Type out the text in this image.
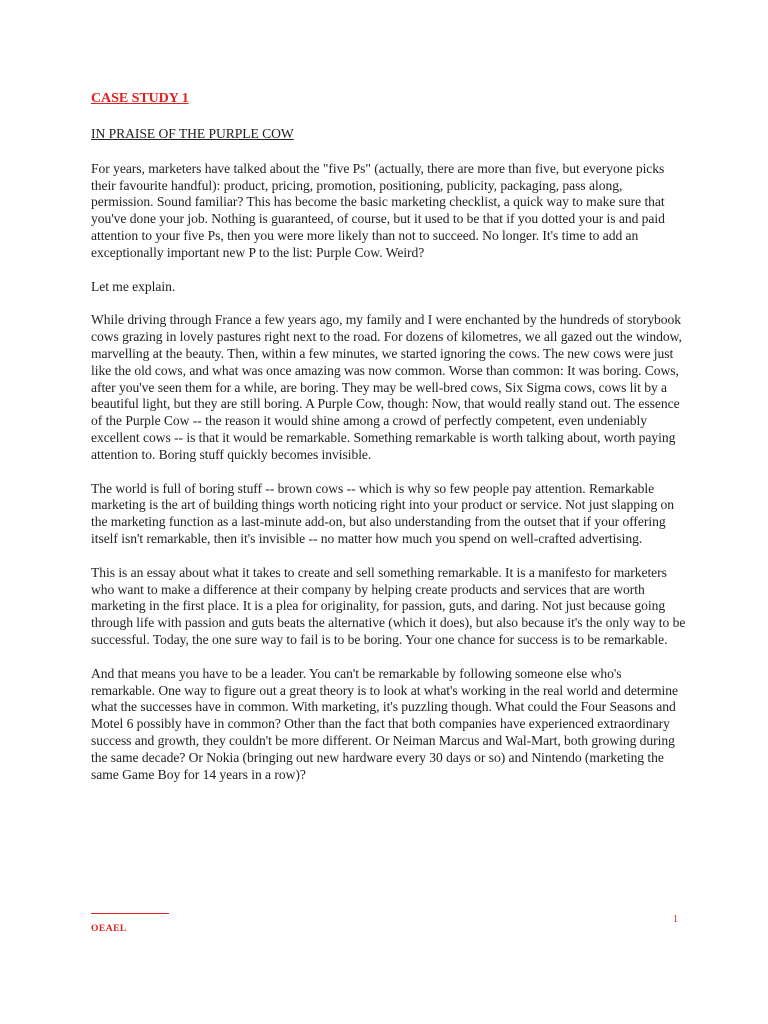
CASE STUDY 1
IN PRAISE OF THE PURPLE COW

For years, marketers have talked about the "five Ps" (actually, there are more than five, but everyone picks their favourite handful): product, pricing, promotion, positioning, publicity, packaging, pass along, permission. Sound familiar? This has become the basic marketing checklist, a quick way to make sure that you've done your job. Nothing is guaranteed, of course, but it used to be that if you dotted your is and paid attention to your five Ps, then you were more likely than not to succeed. No longer. It's time to add an exceptionally important new P to the list: Purple Cow. Weird?

Let me explain.

While driving through France a few years ago, my family and I were enchanted by the hundreds of storybook cows grazing in lovely pastures right next to the road. For dozens of kilometres, we all gazed out the window, marvelling at the beauty. Then, within a few minutes, we started ignoring the cows. The new cows were just like the old cows, and what was once amazing was now common. Worse than common: It was boring. Cows, after you've seen them for a while, are boring. They may be well-bred cows, Six Sigma cows, cows lit by a beautiful light, but they are still boring. A Purple Cow, though: Now, that would really stand out. The essence of the Purple Cow -- the reason it would shine among a crowd of perfectly competent, even undeniably excellent cows -- is that it would be remarkable. Something remarkable is worth talking about, worth paying attention to. Boring stuff quickly becomes invisible.

The world is full of boring stuff -- brown cows -- which is why so few people pay attention. Remarkable marketing is the art of building things worth noticing right into your product or service. Not just slapping on the marketing function as a last-minute add-on, but also understanding from the outset that if your offering itself isn't remarkable, then it's invisible -- no matter how much you spend on well-crafted advertising.

This is an essay about what it takes to create and sell something remarkable. It is a manifesto for marketers who want to make a difference at their company by helping create products and services that are worth marketing in the first place. It is a plea for originality, for passion, guts, and daring. Not just because going through life with passion and guts beats the alternative (which it does), but also because it's the only way to be successful. Today, the one sure way to fail is to be boring. Your one chance for success is to be remarkable.

And that means you have to be a leader. You can't be remarkable by following someone else who's remarkable. One way to figure out a great theory is to look at what's working in the real world and determine what the successes have in common. With marketing, it's puzzling though. What could the Four Seasons and Motel 6 possibly have in common? Other than the fact that both companies have experienced extraordinary success and growth, they couldn't be more different. Or Neiman Marcus and Wal-Mart, both growing during the same decade? Or Nokia (bringing out new hardware every 30 days or so) and Nintendo (marketing the same Game Boy for 14 years in a row)?

OEAEL
1
